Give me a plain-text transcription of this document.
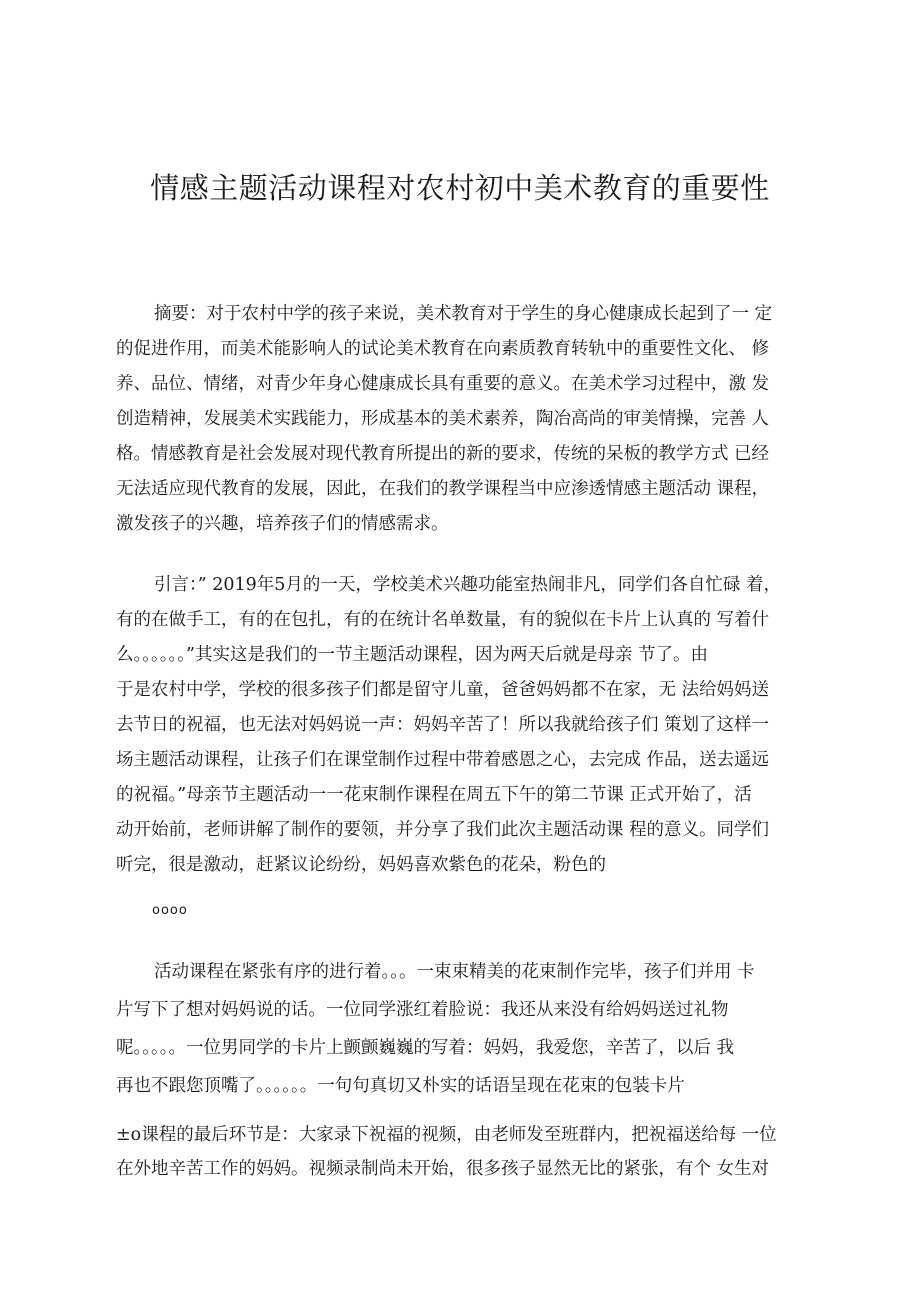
情感主题活动课程对农村初中美术教育的重要性
摘要：对于农村中学的孩子来说，美术教育对于学生的身心健康成长起到了一 定
的促进作用，而美术能影响人的试论美术教育在向素质教育转轨中的重要性文化、 修
养、品位、情绪，对青少年身心健康成长具有重要的意义。在美术学习过程中，激 发
创造精神，发展美术实践能力，形成基本的美术素养，陶冶高尚的审美情操，完善 人
格。情感教育是社会发展对现代教育所提出的新的要求，传统的呆板的教学方式 已经
无法适应现代教育的发展，因此，在我们的教学课程当中应渗透情感主题活动 课程，
激发孩子的兴趣，培养孩子们的情感需求。
引言：” 2019年5月的一天，学校美术兴趣功能室热闹非凡，同学们各自忙碌 着，
有的在做手工，有的在包扎，有的在统计名单数量，有的貌似在卡片上认真的 写着什
么。。。。。。”其实这是我们的一节主题活动课程，因为两天后就是母亲 节了。由
于是农村中学，学校的很多孩子们都是留守儿童，爸爸妈妈都不在家，无 法给妈妈送
去节日的祝福，也无法对妈妈说一声：妈妈辛苦了！所以我就给孩子们 策划了这样一
场主题活动课程，让孩子们在课堂制作过程中带着感恩之心，去完成 作品，送去遥远
的祝福。”母亲节主题活动一一花束制作课程在周五下午的第二节课 正式开始了，活
动开始前，老师讲解了制作的要领，并分享了我们此次主题活动课 程的意义。同学们
听完，很是激动，赶紧议论纷纷，妈妈喜欢紫色的花朵，粉色的
oooo
活动课程在紧张有序的进行着。。。一束束精美的花束制作完毕，孩子们并用 卡
片写下了想对妈妈说的话。一位同学涨红着脸说：我还从来没有给妈妈送过礼物
呢。。。。。一位男同学的卡片上颤颤巍巍的写着：妈妈，我爱您，辛苦了，以后 我
再也不跟您顶嘴了。。。。。。一句句真切又朴实的话语呈现在花束的包装卡片
±o课程的最后环节是：大家录下祝福的视频，由老师发至班群内，把祝福送给每 一位
在外地辛苦工作的妈妈。视频录制尚未开始，很多孩子显然无比的紧张，有个 女生对
